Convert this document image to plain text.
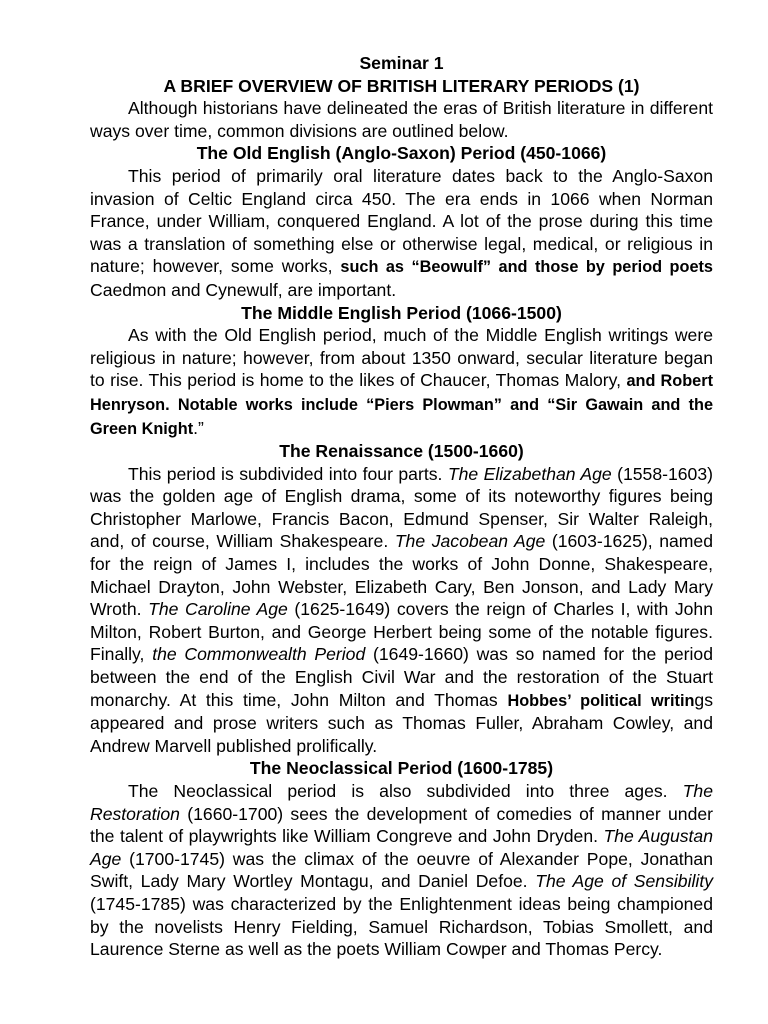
Seminar 1

A BRIEF OVERVIEW OF BRITISH LITERARY PERIODS (1)

Although historians have delineated the eras of British literature in different ways over time, common divisions are outlined below.

The Old English (Anglo-Saxon) Period (450-1066)

This period of primarily oral literature dates back to the Anglo-Saxon invasion of Celtic England circa 450. The era ends in 1066 when Norman France, under William, conquered England. A lot of the prose during this time was a translation of something else or otherwise legal, medical, or religious in nature; however, some works, such as “Beowulf” and those by period poets Caedmon and Cynewulf, are important.

The Middle English Period (1066-1500)

As with the Old English period, much of the Middle English writings were religious in nature; however, from about 1350 onward, secular literature began to rise. This period is home to the likes of Chaucer, Thomas Malory, and Robert Henryson. Notable works include “Piers Plowman” and “Sir Gawain and the Green Knight.”

The Renaissance (1500-1660)

This period is subdivided into four parts. The Elizabethan Age (1558-1603) was the golden age of English drama, some of its noteworthy figures being Christopher Marlowe, Francis Bacon, Edmund Spenser, Sir Walter Raleigh, and, of course, William Shakespeare. The Jacobean Age (1603-1625), named for the reign of James I, includes the works of John Donne, Shakespeare, Michael Drayton, John Webster, Elizabeth Cary, Ben Jonson, and Lady Mary Wroth. The Caroline Age (1625-1649) covers the reign of Charles I, with John Milton, Robert Burton, and George Herbert being some of the notable figures. Finally, the Commonwealth Period (1649-1660) was so named for the period between the end of the English Civil War and the restoration of the Stuart monarchy. At this time, John Milton and Thomas Hobbes’ political writings appeared and prose writers such as Thomas Fuller, Abraham Cowley, and Andrew Marvell published prolifically.

The Neoclassical Period (1600-1785)

The Neoclassical period is also subdivided into three ages. The Restoration (1660-1700) sees the development of comedies of manner under the talent of playwrights like William Congreve and John Dryden. The Augustan Age (1700-1745) was the climax of the oeuvre of Alexander Pope, Jonathan Swift, Lady Mary Wortley Montagu, and Daniel Defoe. The Age of Sensibility (1745-1785) was characterized by the Enlightenment ideas being championed by the novelists Henry Fielding, Samuel Richardson, Tobias Smollett, and Laurence Sterne as well as the poets William Cowper and Thomas Percy.
